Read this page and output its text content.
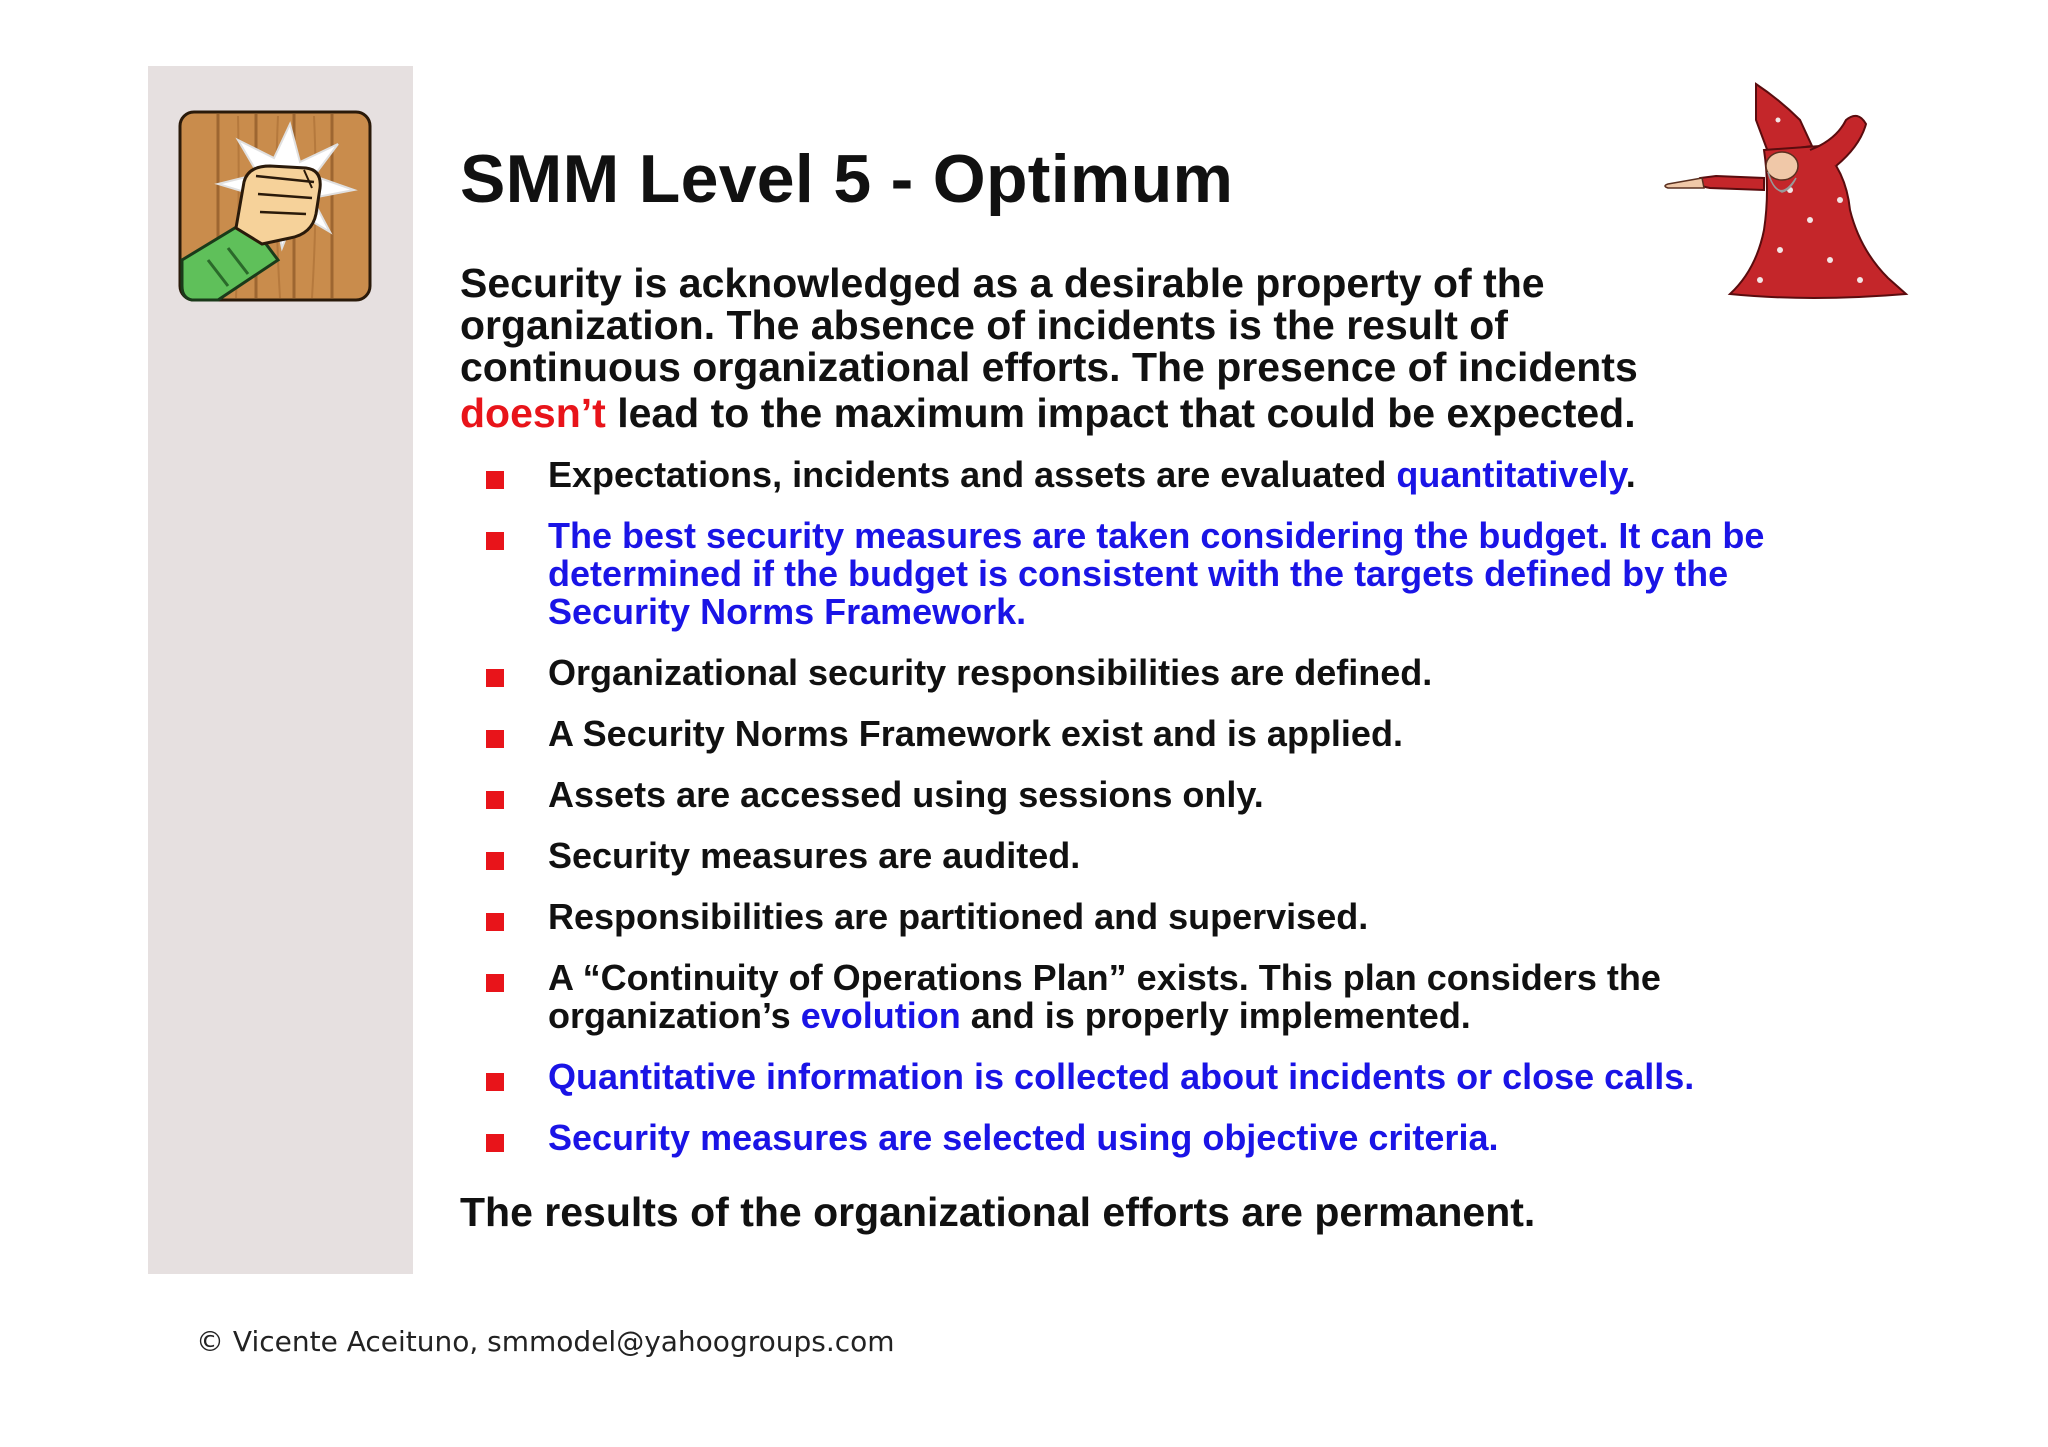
SMM Level 5 - Optimum

Security is acknowledged as a desirable property of the
organization. The absence of incidents is the result of
continuous organizational efforts. The presence of incidents
doesn’t lead to the maximum impact that could be expected.

Expectations, incidents and assets are evaluated quantitatively.
The best security measures are taken considering the budget. It can be determined if the budget is consistent with the targets defined by the Security Norms Framework.
Organizational security responsibilities are defined.
A Security Norms Framework exist and is applied.
Assets are accessed using sessions only.
Security measures are audited.
Responsibilities are partitioned and supervised.
A “Continuity of Operations Plan” exists. This plan considers the organization’s evolution and is properly implemented.
Quantitative information is collected about incidents or close calls.
Security measures are selected using objective criteria.

The results of the organizational efforts are permanent.

© Vicente Aceituno, smmodel@yahoogroups.com
